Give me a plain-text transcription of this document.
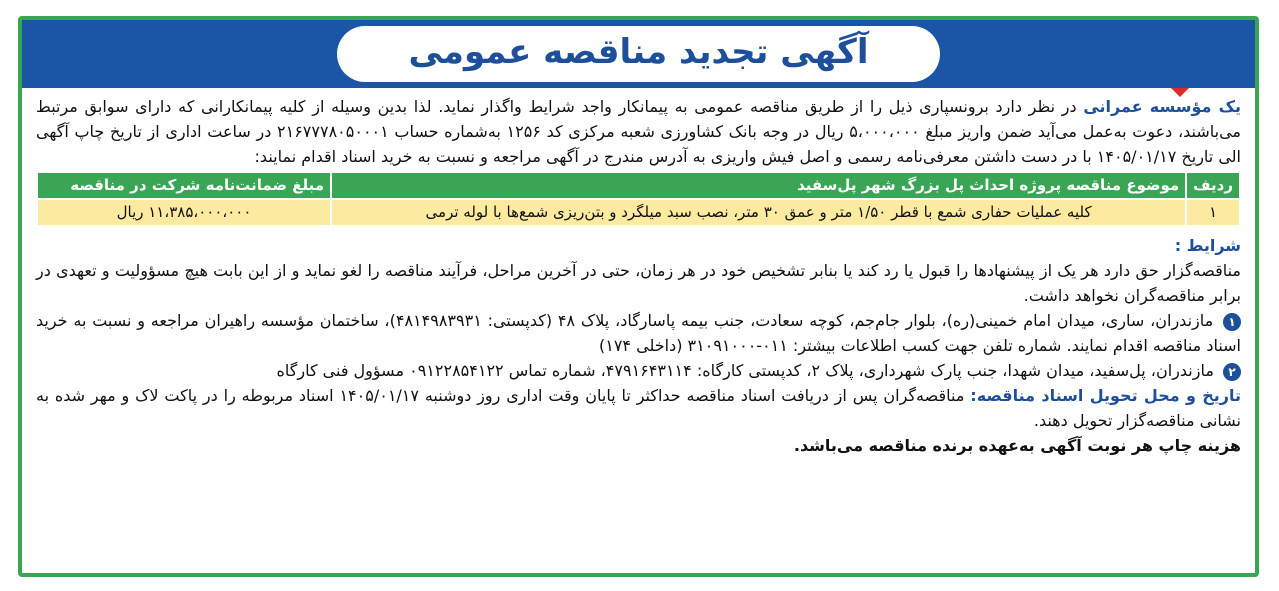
آگهی تجدید مناقصه عمومی
یک مؤسسه عمرانی در نظر دارد برونسپاری ذیل را از طریق مناقصه عمومی به پیمانکار واجد شرایط واگذار نماید. لذا بدین وسیله از کلیه پیمانکارانی که دارای سوابق مرتبط می‌باشند، دعوت به‌عمل می‌آید ضمن واریز مبلغ ۵،۰۰۰،۰۰۰ ریال در وجه بانک کشاورزی شعبه مرکزی کد ۱۲۵۶ به‌شماره حساب ۲۱۶۷۷۷۸۰۵۰۰۰۱ در ساعت اداری از تاریخ چاپ آگهی الی تاریخ ۱۴۰۵/۰۱/۱۷ با در دست داشتن معرفی‌نامه رسمی و اصل فیش واریزی به آدرس مندرج در آگهی مراجعه و نسبت به خرید اسناد اقدام نمایند:
ردیف	موضوع مناقصه پروژه احداث پل بزرگ شهر پل‌سفید	مبلغ ضمانت‌نامه شرکت در مناقصه
۱	کلیه عملیات حفاری شمع با قطر ۱/۵۰ متر و عمق ۳۰ متر، نصب سبد میلگرد و بتن‌ریزی شمع‌ها با لوله ترمی	۱۱،۳۸۵،۰۰۰،۰۰۰ ریال
شرایط :
مناقصه‌گزار حق دارد هر یک از پیشنهادها را قبول یا رد کند یا بنابر تشخیص خود در هر زمان، حتی در آخرین مراحل، فرآیند مناقصه را لغو نماید و از این بابت هیچ مسؤولیت و تعهدی در برابر مناقصه‌گران نخواهد داشت.
۱ مازندران، ساری، میدان امام خمینی(ره)، بلوار جام‌جم، کوچه سعادت، جنب بیمه پاسارگاد، پلاک ۴۸ (کدپستی: ۴۸۱۴۹۸۳۹۳۱)، ساختمان مؤسسه راهیران مراجعه و نسبت به خرید اسناد مناقصه اقدام نمایند. شماره تلفن جهت کسب اطلاعات بیشتر: ۰۱۱-۳۱۰۹۱۰۰۰ (داخلی ۱۷۴)
۲ مازندران، پل‌سفید، میدان شهدا، جنب پارک شهرداری، پلاک ۲، کدپستی کارگاه: ۴۷۹۱۶۴۳۱۱۴، شماره تماس ۰۹۱۲۲۸۵۴۱۲۲ مسؤول فنی کارگاه
تاریخ و محل تحویل اسناد مناقصه: مناقصه‌گران پس از دریافت اسناد مناقصه حداکثر تا پایان وقت اداری روز دوشنبه ۱۴۰۵/۰۱/۱۷ اسناد مربوطه را در پاکت لاک و مهر شده به نشانی مناقصه‌گزار تحویل دهند.
هزینه چاپ هر نوبت آگهی به‌عهده برنده مناقصه می‌باشد.
